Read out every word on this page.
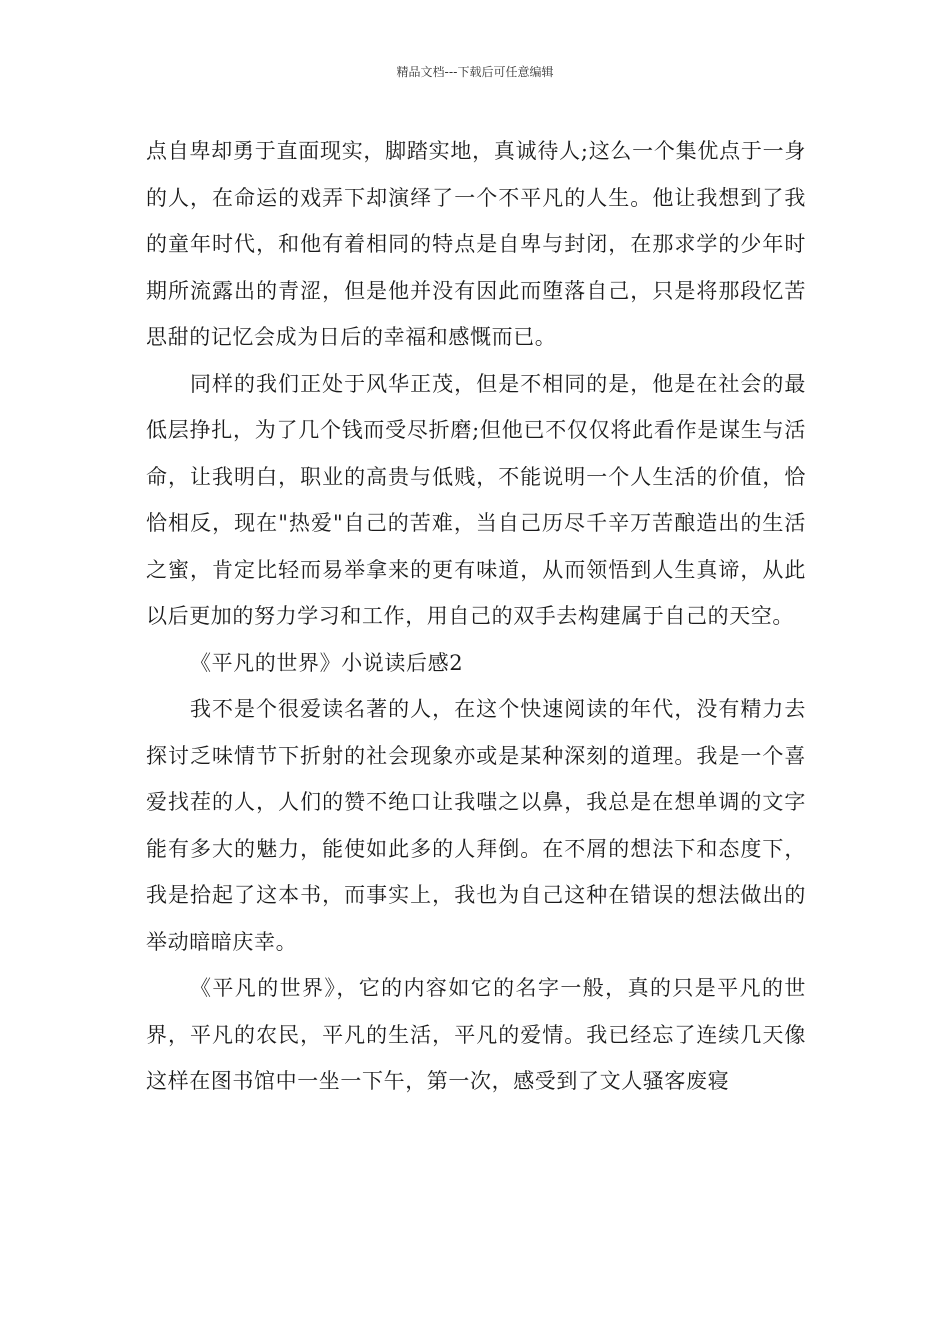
精品文档---下载后可任意编辑

点自卑却勇于直面现实，脚踏实地，真诚待人;这么一个集优点于一身的人，在命运的戏弄下却演绎了一个不平凡的人生。他让我想到了我的童年时代，和他有着相同的特点是自卑与封闭，在那求学的少年时期所流露出的青涩，但是他并没有因此而堕落自己，只是将那段忆苦思甜的记忆会成为日后的幸福和感慨而已。

同样的我们正处于风华正茂，但是不相同的是，他是在社会的最低层挣扎，为了几个钱而受尽折磨;但他已不仅仅将此看作是谋生与活命，让我明白，职业的高贵与低贱，不能说明一个人生活的价值，恰恰相反，现在"热爱"自己的苦难，当自己历尽千辛万苦酿造出的生活之蜜，肯定比轻而易举拿来的更有味道，从而领悟到人生真谛，从此以后更加的努力学习和工作，用自己的双手去构建属于自己的天空。

《平凡的世界》小说读后感2

我不是个很爱读名著的人，在这个快速阅读的年代，没有精力去探讨乏味情节下折射的社会现象亦或是某种深刻的道理。我是一个喜爱找茬的人，人们的赞不绝口让我嗤之以鼻，我总是在想单调的文字能有多大的魅力，能使如此多的人拜倒。在不屑的想法下和态度下，我是拾起了这本书，而事实上，我也为自己这种在错误的想法做出的举动暗暗庆幸。

《平凡的世界》，它的内容如它的名字一般，真的只是平凡的世界，平凡的农民，平凡的生活，平凡的爱情。我已经忘了连续几天像这样在图书馆中一坐一下午，第一次，感受到了文人骚客废寝
